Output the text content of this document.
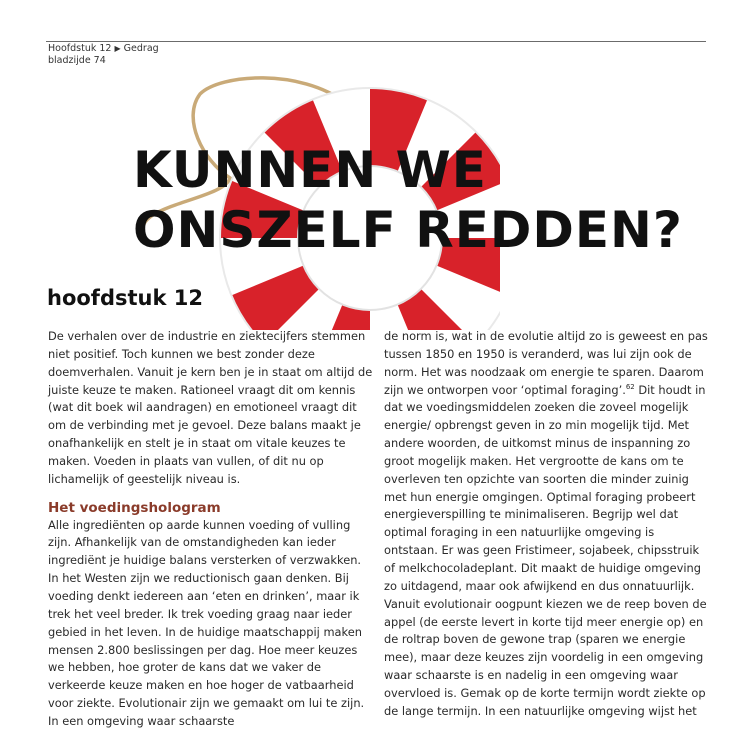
Hoofdstuk 12 ▶ Gedrag
bladzijde 74
KUNNEN WE
ONSZELF REDDEN?
hoofdstuk 12

De verhalen over de industrie en ziektecijfers stemmen niet positief. Toch kunnen we best zonder deze doemverhalen. Vanuit je kern ben je in staat om altijd de juiste keuze te maken. Rationeel vraagt dit om kennis (wat dit boek wil aandragen) en emotioneel vraagt dit om de verbinding met je gevoel. Deze balans maakt je onafhankelijk en stelt je in staat om vitale keuzes te maken. Voeden in plaats van vullen, of dit nu op lichamelijk of geestelijk niveau is.

Het voedingshologram

Alle ingrediënten op aarde kunnen voeding of vulling zijn. Afhankelijk van de omstandigheden kan ieder ingrediënt je huidige balans versterken of verzwakken.

In het Westen zijn we reductionisch gaan denken. Bij voeding denkt iedereen aan ‘eten en drinken’, maar ik trek het veel breder. Ik trek voeding graag naar ieder gebied in het leven. In de huidige maatschappij maken mensen 2.800 beslissingen per dag. Hoe meer keuzes we hebben, hoe groter de kans dat we vaker de verkeerde keuze maken en hoe hoger de vatbaarheid voor ziekte. Evolutionair zijn we gemaakt om lui te zijn. In een omgeving waar schaarste

de norm is, wat in de evolutie altijd zo is geweest en pas tussen 1850 en 1950 is veranderd, was lui zijn ook de norm. Het was noodzaak om energie te sparen. Daarom zijn we ontworpen voor ‘optimal foraging’.$^{62}$ Dit houdt in dat we voedingsmiddelen zoeken die zoveel mogelijk energie/ opbrengst geven in zo min mogelijk tijd. Met andere woorden, de uitkomst minus de inspanning zo groot mogelijk maken. Het vergrootte de kans om te overleven ten opzichte van soorten die minder zuinig met hun energie omgingen. Optimal foraging probeert energieverspilling te minimaliseren. Begrijp wel dat optimal foraging in een natuurlijke omgeving is ontstaan. Er was geen Fristimeer, sojabeek, chipsstruik of melkchocoladeplant. Dit maakt de huidige omgeving zo uitdagend, maar ook afwijkend en dus onnatuurlijk. Vanuit evolutionair oogpunt kiezen we de reep boven de appel (de eerste levert in korte tijd meer energie op) en de roltrap boven de gewone trap (sparen we energie mee), maar deze keuzes zijn voordelig in een omgeving waar schaarste is en nadelig in een omgeving waar overvloed is. Gemak op de korte termijn wordt ziekte op de lange termijn. In een natuurlijke omgeving wijst het
